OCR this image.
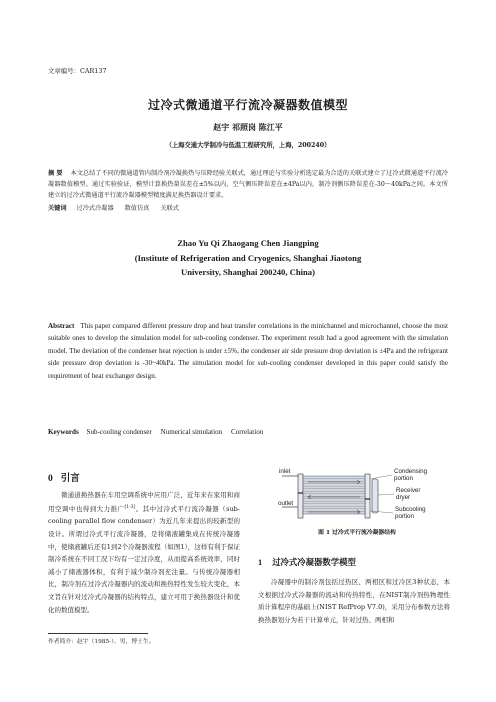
文章编号：CAR137
过冷式微通道平行流冷凝器数值模型
赵宇 祁照岗 陈江平
（上海交通大学制冷与低温工程研究所，上海，200240）
摘 要 本文总结了不同的微通道管内制冷剂冷凝换热与压降经验关联式，通过理论与实验分析选定最为合适的关联式建立了过冷式微通道平行流冷凝器数值模型。通过实验验证，模型计算换热量误差在±5%以内，空气侧压降误差在±4Pa以内，制冷剂侧压降误差在-30～40kPa之间。本文所建立的过冷式微通道平行流冷凝器模型精度满足换热器设计要求。
关键词 过冷式冷凝器 数值仿真 关联式
Zhao Yu Qi Zhaogang Chen Jiangping
(Institute of Refrigeration and Cryogenics, Shanghai Jiaotong
University, Shanghai 200240, China)
Abstract This paper compared different pressure drop and heat transfer correlations in the minichannel and microchannel, choose the most suitable ones to develop the simulation model for sub-cooling condenser. The experiment result had a good agreement with the simulation model. The deviation of the condenser heat rejection is under ±5%, the condenser air side pressure drop deviation is ±4Pa and the refrigerant side pressure drop deviation is -30~40kPa. The simulation model for sub-cooling condenser developed in this paper could satisfy the requirement of heat exchanger design.
Keywords Sub-cooling condenser Numerical simulation Correlation
0 引言
微通道换热器在车用空调系统中应用广泛，近年来在家用和商用空调中也得到大力推广[1-3]。其中过冷式平行流冷凝器（sub-cooling parallel flow condenser）为近几年来提出的较新型的设计。所谓过冷式平行流冷凝器，是将储液罐集成在传统冷凝器中，使储液罐后还有1到2个冷凝器流程（如图1），这样有利于保证制冷系统在不同工况下均有一定过冷度，从而提高系统效率，同时减小了储液器体积，有利于减少制冷剂充注量。与传统冷凝器相比，制冷剂在过冷式冷凝器内的流动和换热特性发生较大变化，本文旨在针对过冷式冷凝器的结构特点，建立可用于换热器设计和优化的数值模型。
作者简介：赵宇（1985-），男，博士生。
inlet
outlet
Condensing
portion
Receiver
dryer
Subcooling
portion
图 1 过冷式平行流冷凝器结构
1 过冷式冷凝器数学模型
冷凝器中的制冷剂包括过热区、两相区和过冷区3种状态，本文根据过冷式冷凝器的流动和传热特性，在NIST制冷剂热物理性质计算程序的基础上(NIST RefProp V7.0)，采用分布参数方法将换热器划分为若干计算单元，针对过热、两相和
